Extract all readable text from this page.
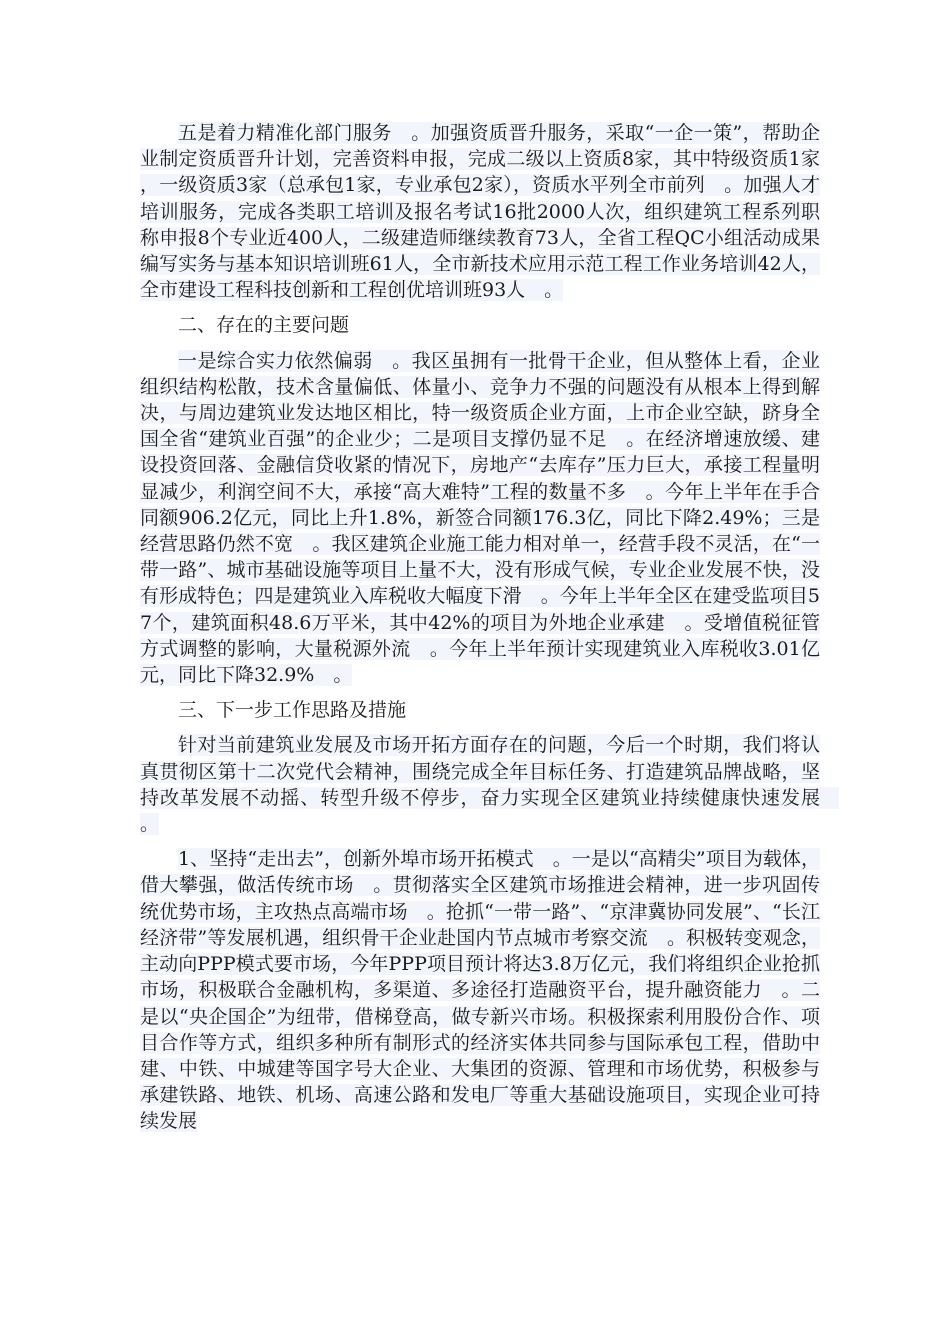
五是着力精准化部门服务　。加强资质晋升服务，采取“一企一策”，帮助企业制定资质晋升计划，完善资料申报，完成二级以上资质8家，其中特级资质1家，一级资质3家（总承包1家，专业承包2家），资质水平列全市前列　。加强人才培训服务，完成各类职工培训及报名考试16批2000人次，组织建筑工程系列职称申报8个专业近400人，二级建造师继续教育73人，全省工程QC小组活动成果编写实务与基本知识培训班61人，全市新技术应用示范工程工作业务培训42人，全市建设工程科技创新和工程创优培训班93人　。

二、存在的主要问题

一是综合实力依然偏弱　。我区虽拥有一批骨干企业，但从整体上看，企业组织结构松散，技术含量偏低、体量小、竞争力不强的问题没有从根本上得到解决，与周边建筑业发达地区相比，特一级资质企业方面，上市企业空缺，跻身全国全省“建筑业百强”的企业少；二是项目支撑仍显不足　。在经济增速放缓、建设投资回落、金融信贷收紧的情况下，房地产“去库存”压力巨大，承接工程量明显减少，利润空间不大，承接“高大难特”工程的数量不多　。今年上半年在手合同额906.2亿元，同比上升1.8%，新签合同额176.3亿，同比下降2.49%；三是经营思路仍然不宽　。我区建筑企业施工能力相对单一，经营手段不灵活，在“一带一路”、城市基础设施等项目上量不大，没有形成气候，专业企业发展不快，没有形成特色；四是建筑业入库税收大幅度下滑　。今年上半年全区在建受监项目57个，建筑面积48.6万平米，其中42%的项目为外地企业承建　。受增值税征管方式调整的影响，大量税源外流　。今年上半年预计实现建筑业入库税收3.01亿元，同比下降32.9%　。

三、下一步工作思路及措施

针对当前建筑业发展及市场开拓方面存在的问题，今后一个时期，我们将认真贯彻区第十二次党代会精神，围绕完成全年目标任务、打造建筑品牌战略，坚持改革发展不动摇、转型升级不停步，奋力实现全区建筑业持续健康快速发展　。

1、坚持“走出去”，创新外埠市场开拓模式　。一是以“高精尖”项目为载体，借大攀强，做活传统市场　。贯彻落实全区建筑市场推进会精神，进一步巩固传统优势市场，主攻热点高端市场　。抢抓“一带一路”、“京津冀协同发展”、“长江经济带”等发展机遇，组织骨干企业赴国内节点城市考察交流　。积极转变观念，主动向PPP模式要市场，今年PPP项目预计将达3.8万亿元，我们将组织企业抢抓市场，积极联合金融机构，多渠道、多途径打造融资平台，提升融资能力　。二是以“央企国企”为纽带，借梯登高，做专新兴市场。积极探索利用股份合作、项目合作等方式，组织多种所有制形式的经济实体共同参与国际承包工程，借助中建、中铁、中城建等国字号大企业、大集团的资源、管理和市场优势，积极参与承建铁路、地铁、机场、高速公路和发电厂等重大基础设施项目，实现企业可持续发展
